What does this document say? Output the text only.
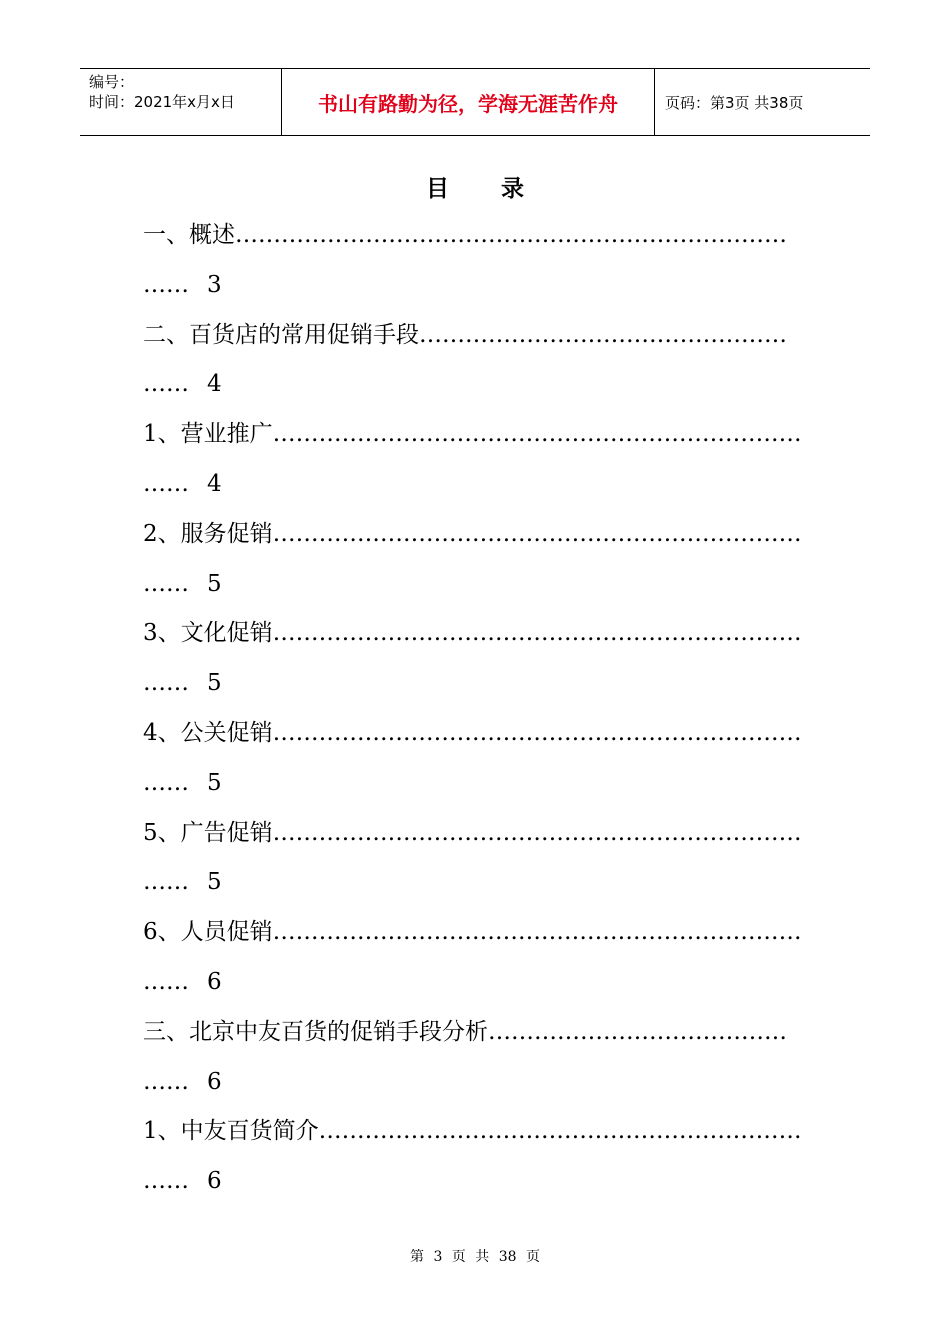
编号：
时间：2021年x月x日	书山有路勤为径，学海无涯苦作舟	页码：第3页 共38页
目录
一、概述………………………………………………………………
…… 3
二、百货店的常用促销手段…………………………………………
…… 4
1、营业推广……………………………………………………………
…… 4
2、服务促销……………………………………………………………
…… 5
3、文化促销……………………………………………………………
…… 5
4、公关促销……………………………………………………………
…… 5
5、广告促销……………………………………………………………
…… 5
6、人员促销……………………………………………………………
…… 6
三、北京中友百货的促销手段分析…………………………………
…… 6
1、中友百货简介………………………………………………………
…… 6
第 3 页 共 38 页
